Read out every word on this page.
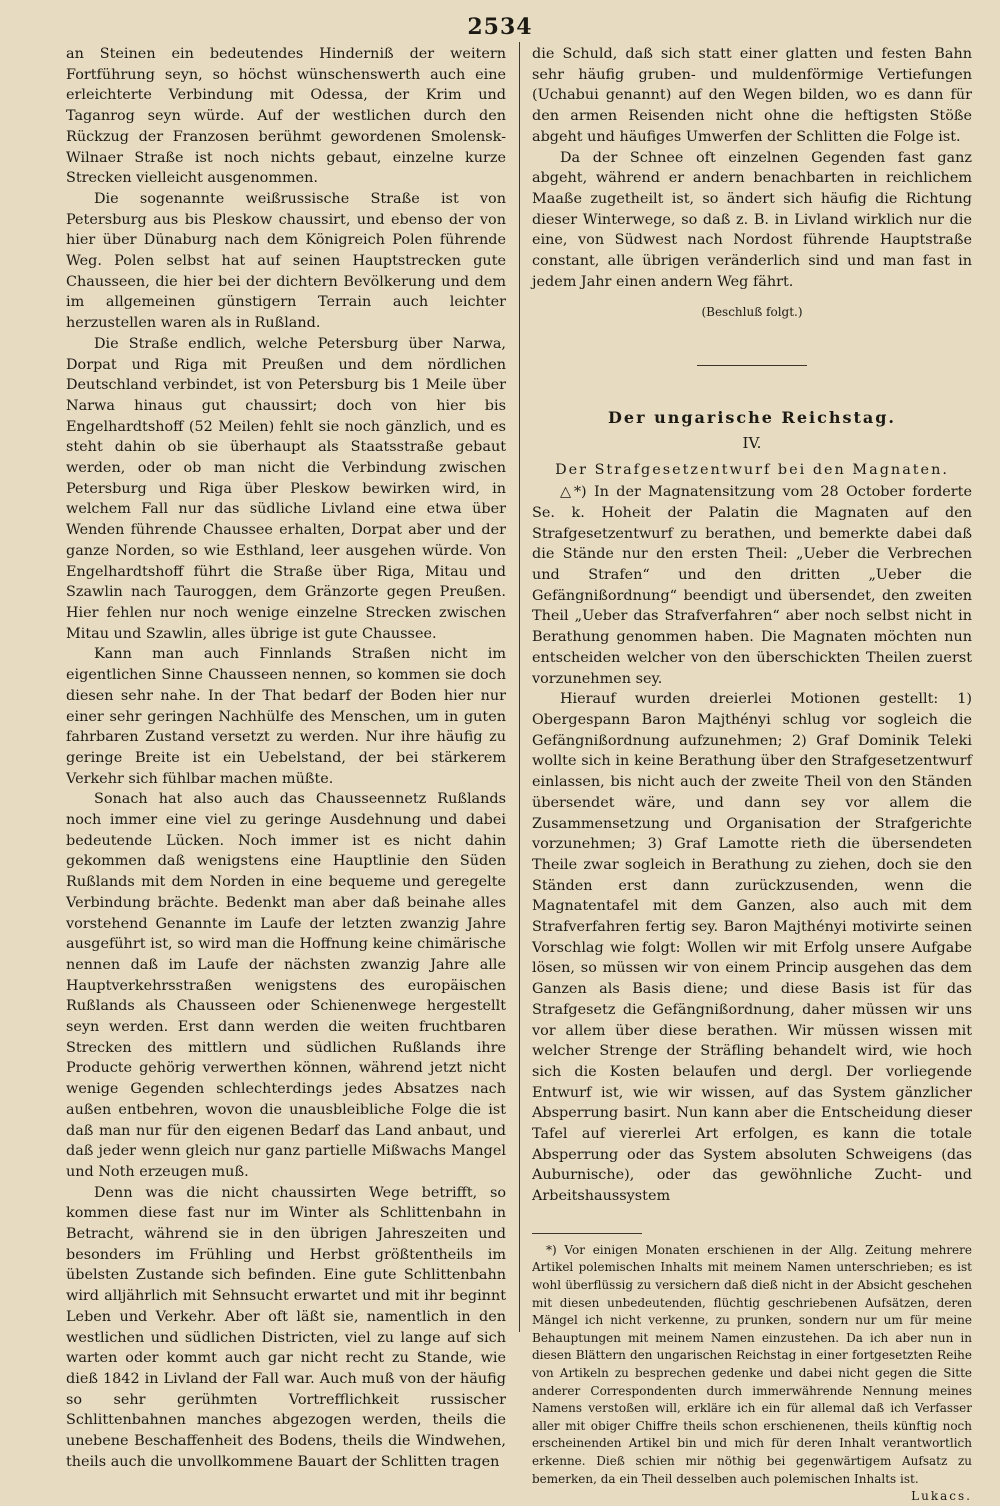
2534

an Steinen ein bedeutendes Hinderniß der weitern Fortführung seyn, so höchst wünschenswerth auch eine erleichterte Verbindung mit Odessa, der Krim und Taganrog seyn würde. Auf der westlichen durch den Rückzug der Franzosen berühmt gewordenen Smolensk-Wilnaer Straße ist noch nichts gebaut, einzelne kurze Strecken vielleicht ausgenommen.

Die sogenannte weißrussische Straße ist von Petersburg aus bis Pleskow chaussirt, und ebenso der von hier über Dünaburg nach dem Königreich Polen führende Weg. Polen selbst hat auf seinen Hauptstrecken gute Chausseen, die hier bei der dichtern Bevölkerung und dem im allgemeinen günstigern Terrain auch leichter herzustellen waren als in Rußland.

Die Straße endlich, welche Petersburg über Narwa, Dorpat und Riga mit Preußen und dem nördlichen Deutschland verbindet, ist von Petersburg bis 1 Meile über Narwa hinaus gut chaussirt; doch von hier bis Engelhardtshoff (52 Meilen) fehlt sie noch gänzlich, und es steht dahin ob sie überhaupt als Staatsstraße gebaut werden, oder ob man nicht die Verbindung zwischen Petersburg und Riga über Pleskow bewirken wird, in welchem Fall nur das südliche Livland eine etwa über Wenden führende Chaussee erhalten, Dorpat aber und der ganze Norden, so wie Esthland, leer ausgehen würde. Von Engelhardtshoff führt die Straße über Riga, Mitau und Szawlin nach Tauroggen, dem Gränzorte gegen Preußen. Hier fehlen nur noch wenige einzelne Strecken zwischen Mitau und Szawlin, alles übrige ist gute Chaussee.

Kann man auch Finnlands Straßen nicht im eigentlichen Sinne Chausseen nennen, so kommen sie doch diesen sehr nahe. In der That bedarf der Boden hier nur einer sehr geringen Nachhülfe des Menschen, um in guten fahrbaren Zustand versetzt zu werden. Nur ihre häufig zu geringe Breite ist ein Uebelstand, der bei stärkerem Verkehr sich fühlbar machen müßte.

Sonach hat also auch das Chausseennetz Rußlands noch immer eine viel zu geringe Ausdehnung und dabei bedeutende Lücken. Noch immer ist es nicht dahin gekommen daß wenigstens eine Hauptlinie den Süden Rußlands mit dem Norden in eine bequeme und geregelte Verbindung brächte. Bedenkt man aber daß beinahe alles vorstehend Genannte im Laufe der letzten zwanzig Jahre ausgeführt ist, so wird man die Hoffnung keine chimärische nennen daß im Laufe der nächsten zwanzig Jahre alle Hauptverkehrsstraßen wenigstens des europäischen Rußlands als Chausseen oder Schienenwege hergestellt seyn werden. Erst dann werden die weiten fruchtbaren Strecken des mittlern und südlichen Rußlands ihre Producte gehörig verwerthen können, während jetzt nicht wenige Gegenden schlechterdings jedes Absatzes nach außen entbehren, wovon die unausbleibliche Folge die ist daß man nur für den eigenen Bedarf das Land anbaut, und daß jeder wenn gleich nur ganz partielle Mißwachs Mangel und Noth erzeugen muß.

Denn was die nicht chaussirten Wege betrifft, so kommen diese fast nur im Winter als Schlittenbahn in Betracht, während sie in den übrigen Jahreszeiten und besonders im Frühling und Herbst größtentheils im übelsten Zustande sich befinden. Eine gute Schlittenbahn wird alljährlich mit Sehnsucht erwartet und mit ihr beginnt Leben und Verkehr. Aber oft läßt sie, namentlich in den westlichen und südlichen Districten, viel zu lange auf sich warten oder kommt auch gar nicht recht zu Stande, wie dieß 1842 in Livland der Fall war. Auch muß von der häufig so sehr gerühmten Vortrefflichkeit russischer Schlittenbahnen manches abgezogen werden, theils die unebene Beschaffenheit des Bodens, theils die Windwehen, theils auch die unvollkommene Bauart der Schlitten tragen

die Schuld, daß sich statt einer glatten und festen Bahn sehr häufig gruben- und muldenförmige Vertiefungen (Uchabui genannt) auf den Wegen bilden, wo es dann für den armen Reisenden nicht ohne die heftigsten Stöße abgeht und häufiges Umwerfen der Schlitten die Folge ist.

Da der Schnee oft einzelnen Gegenden fast ganz abgeht, während er andern benachbarten in reichlichem Maaße zugetheilt ist, so ändert sich häufig die Richtung dieser Winterwege, so daß z. B. in Livland wirklich nur die eine, von Südwest nach Nordost führende Hauptstraße constant, alle übrigen veränderlich sind und man fast in jedem Jahr einen andern Weg fährt.

(Beschluß folgt.)
Der ungarische Reichstag.
IV.
Der Strafgesetzentwurf bei den Magnaten.

△*) In der Magnatensitzung vom 28 October forderte Se. k. Hoheit der Palatin die Magnaten auf den Strafgesetzentwurf zu berathen, und bemerkte dabei daß die Stände nur den ersten Theil: „Ueber die Verbrechen und Strafen“ und den dritten „Ueber die Gefängnißordnung“ beendigt und übersendet, den zweiten Theil „Ueber das Strafverfahren“ aber noch selbst nicht in Berathung genommen haben. Die Magnaten möchten nun entscheiden welcher von den überschickten Theilen zuerst vorzunehmen sey.

Hierauf wurden dreierlei Motionen gestellt: 1) Obergespann Baron Majthényi schlug vor sogleich die Gefängnißordnung aufzunehmen; 2) Graf Dominik Teleki wollte sich in keine Berathung über den Strafgesetzentwurf einlassen, bis nicht auch der zweite Theil von den Ständen übersendet wäre, und dann sey vor allem die Zusammensetzung und Organisation der Strafgerichte vorzunehmen; 3) Graf Lamotte rieth die übersendeten Theile zwar sogleich in Berathung zu ziehen, doch sie den Ständen erst dann zurückzusenden, wenn die Magnatentafel mit dem Ganzen, also auch mit dem Strafverfahren fertig sey. Baron Majthényi motivirte seinen Vorschlag wie folgt: Wollen wir mit Erfolg unsere Aufgabe lösen, so müssen wir von einem Princip ausgehen das dem Ganzen als Basis diene; und diese Basis ist für das Strafgesetz die Gefängnißordnung, daher müssen wir uns vor allem über diese berathen. Wir müssen wissen mit welcher Strenge der Sträfling behandelt wird, wie hoch sich die Kosten belaufen und dergl. Der vorliegende Entwurf ist, wie wir wissen, auf das System gänzlicher Absperrung basirt. Nun kann aber die Entscheidung dieser Tafel auf viererlei Art erfolgen, es kann die totale Absperrung oder das System absoluten Schweigens (das Auburnische), oder das gewöhnliche Zucht- und Arbeitshaussystem

*) Vor einigen Monaten erschienen in der Allg. Zeitung mehrere Artikel polemischen Inhalts mit meinem Namen unterschrieben; es ist wohl überflüssig zu versichern daß dieß nicht in der Absicht geschehen mit diesen unbedeutenden, flüchtig geschriebenen Aufsätzen, deren Mängel ich nicht verkenne, zu prunken, sondern nur um für meine Behauptungen mit meinem Namen einzustehen. Da ich aber nun in diesen Blättern den ungarischen Reichstag in einer fortgesetzten Reihe von Artikeln zu besprechen gedenke und dabei nicht gegen die Sitte anderer Correspondenten durch immerwährende Nennung meines Namens verstoßen will, erkläre ich ein für allemal daß ich Verfasser aller mit obiger Chiffre theils schon erschienenen, theils künftig noch erscheinenden Artikel bin und mich für deren Inhalt verantwortlich erkenne. Dieß schien mir nöthig bei gegenwärtigem Aufsatz zu bemerken, da ein Theil desselben auch polemischen Inhalts ist.

Lukacs.
